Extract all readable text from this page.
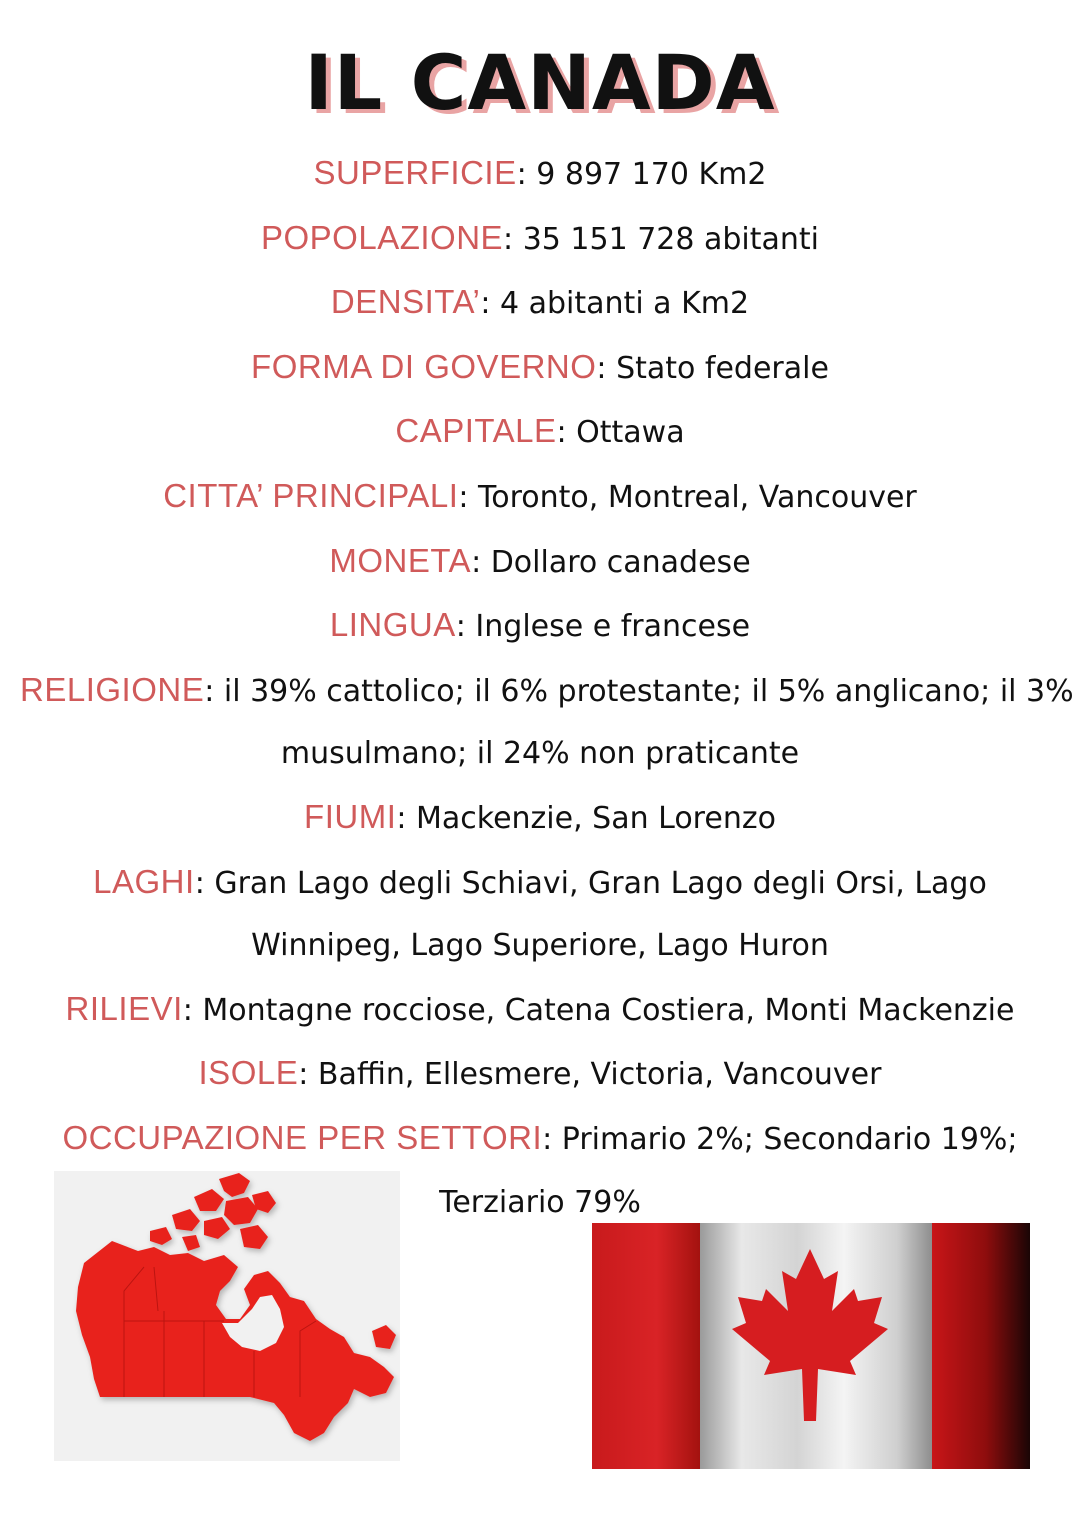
IL CANADA
SUPERFICIE: 9 897 170 Km2
POPOLAZIONE: 35 151 728 abitanti
DENSITA’: 4 abitanti a Km2
FORMA DI GOVERNO: Stato federale
CAPITALE: Ottawa
CITTA’ PRINCIPALI: Toronto, Montreal, Vancouver
MONETA: Dollaro canadese
LINGUA: Inglese e francese
RELIGIONE: il 39% cattolico; il 6% protestante; il 5% anglicano; il 3%
musulmano; il 24% non praticante
FIUMI: Mackenzie, San Lorenzo
LAGHI: Gran Lago degli Schiavi, Gran Lago degli Orsi, Lago
Winnipeg, Lago Superiore, Lago Huron
RILIEVI: Montagne rocciose, Catena Costiera, Monti Mackenzie
ISOLE: Baffin, Ellesmere, Victoria, Vancouver
OCCUPAZIONE PER SETTORI: Primario 2%; Secondario 19%;
Terziario 79%
